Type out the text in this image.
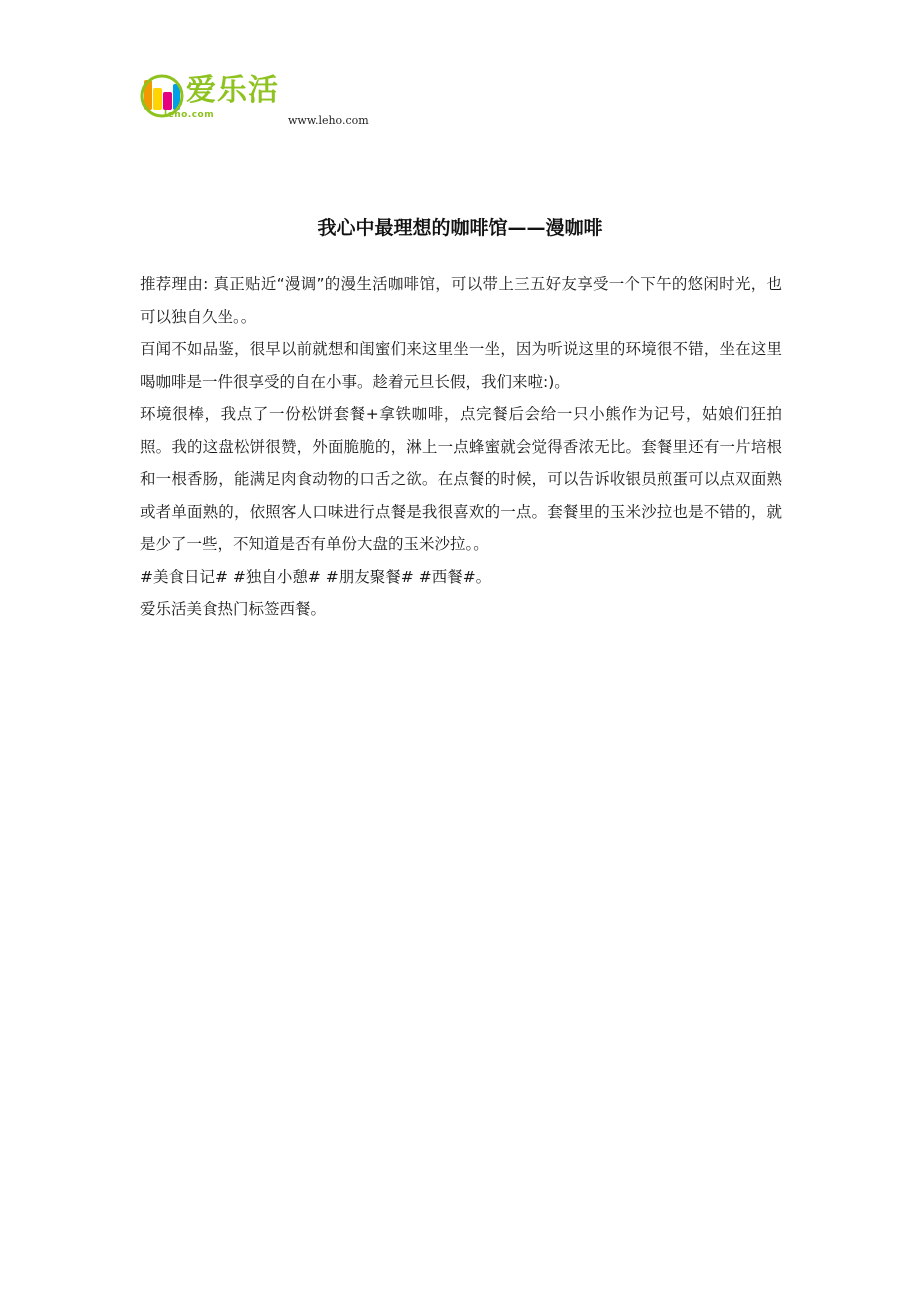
爱乐活
leho.com	www.leho.com
我心中最理想的咖啡馆——漫咖啡

推荐理由: 真正贴近“漫调”的漫生活咖啡馆，可以带上三五好友享受一个下午的悠闲时光，也可以独自久坐。。

百闻不如品鉴，很早以前就想和闺蜜们来这里坐一坐，因为听说这里的环境很不错，坐在这里喝咖啡是一件很享受的自在小事。趁着元旦长假，我们来啦:)。

环境很棒，我点了一份松饼套餐+拿铁咖啡，点完餐后会给一只小熊作为记号，姑娘们狂拍照。我的这盘松饼很赞，外面脆脆的，淋上一点蜂蜜就会觉得香浓无比。套餐里还有一片培根和一根香肠，能满足肉食动物的口舌之欲。在点餐的时候，可以告诉收银员煎蛋可以点双面熟或者单面熟的，依照客人口味进行点餐是我很喜欢的一点。套餐里的玉米沙拉也是不错的，就是少了一些，不知道是否有单份大盘的玉米沙拉。。

#美食日记# #独自小憩# #朋友聚餐# #西餐#。

爱乐活美食热门标签西餐。
